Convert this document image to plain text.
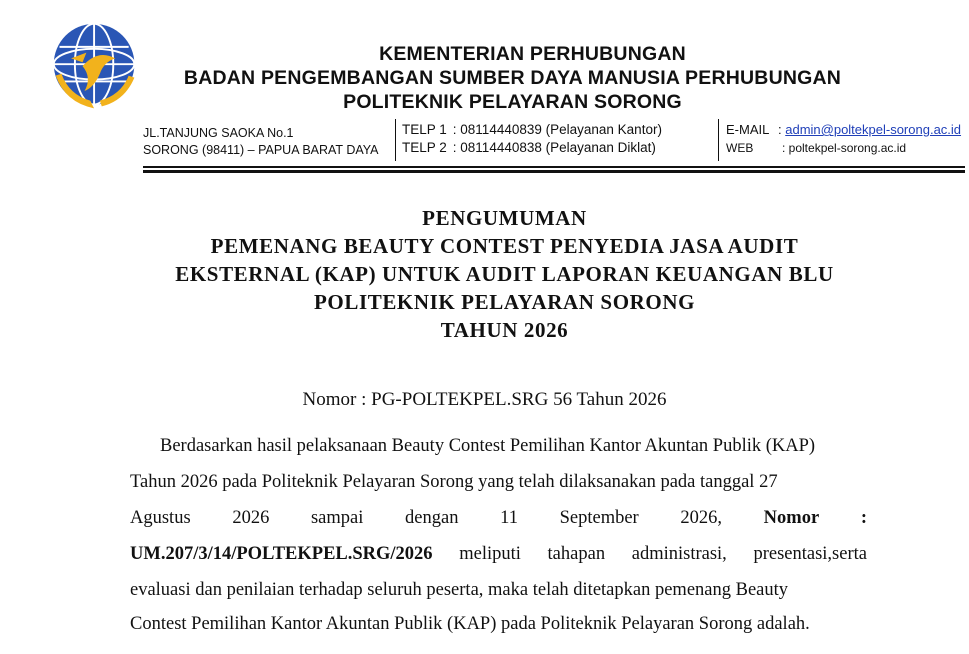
KEMENTERIAN PERHUBUNGAN
BADAN PENGEMBANGAN SUMBER DAYA MANUSIA PERHUBUNGAN
POLITEKNIK PELAYARAN SORONG
JL.TANJUNG SAOKA No.1
SORONG (98411) – PAPUA BARAT DAYA
TELP 1 : 08114440839 (Pelayanan Kantor)
TELP 2 : 08114440838 (Pelayanan Diklat)
E-MAIL : admin@poltekpel-sorong.ac.id
WEB : poltekpel-sorong.ac.id
PENGUMUMAN
PEMENANG BEAUTY CONTEST PENYEDIA JASA AUDIT
EKSTERNAL (KAP) UNTUK AUDIT LAPORAN KEUANGAN BLU
POLITEKNIK PELAYARAN SORONG
TAHUN 2026
Nomor : PG-POLTEKPEL.SRG 56 Tahun 2026
Berdasarkan hasil pelaksanaan Beauty Contest Pemilihan Kantor Akuntan Publik (KAP)
Tahun 2026 pada Politeknik Pelayaran Sorong yang telah dilaksanakan pada tanggal 27
Agustus 2026 sampai dengan 11 September 2026, Nomor :
UM.207/3/14/POLTEKPEL.SRG/2026 meliputi tahapan administrasi, presentasi,serta
evaluasi dan penilaian terhadap seluruh peserta, maka telah ditetapkan pemenang Beauty
Contest Pemilihan Kantor Akuntan Publik (KAP) pada Politeknik Pelayaran Sorong adalah.
